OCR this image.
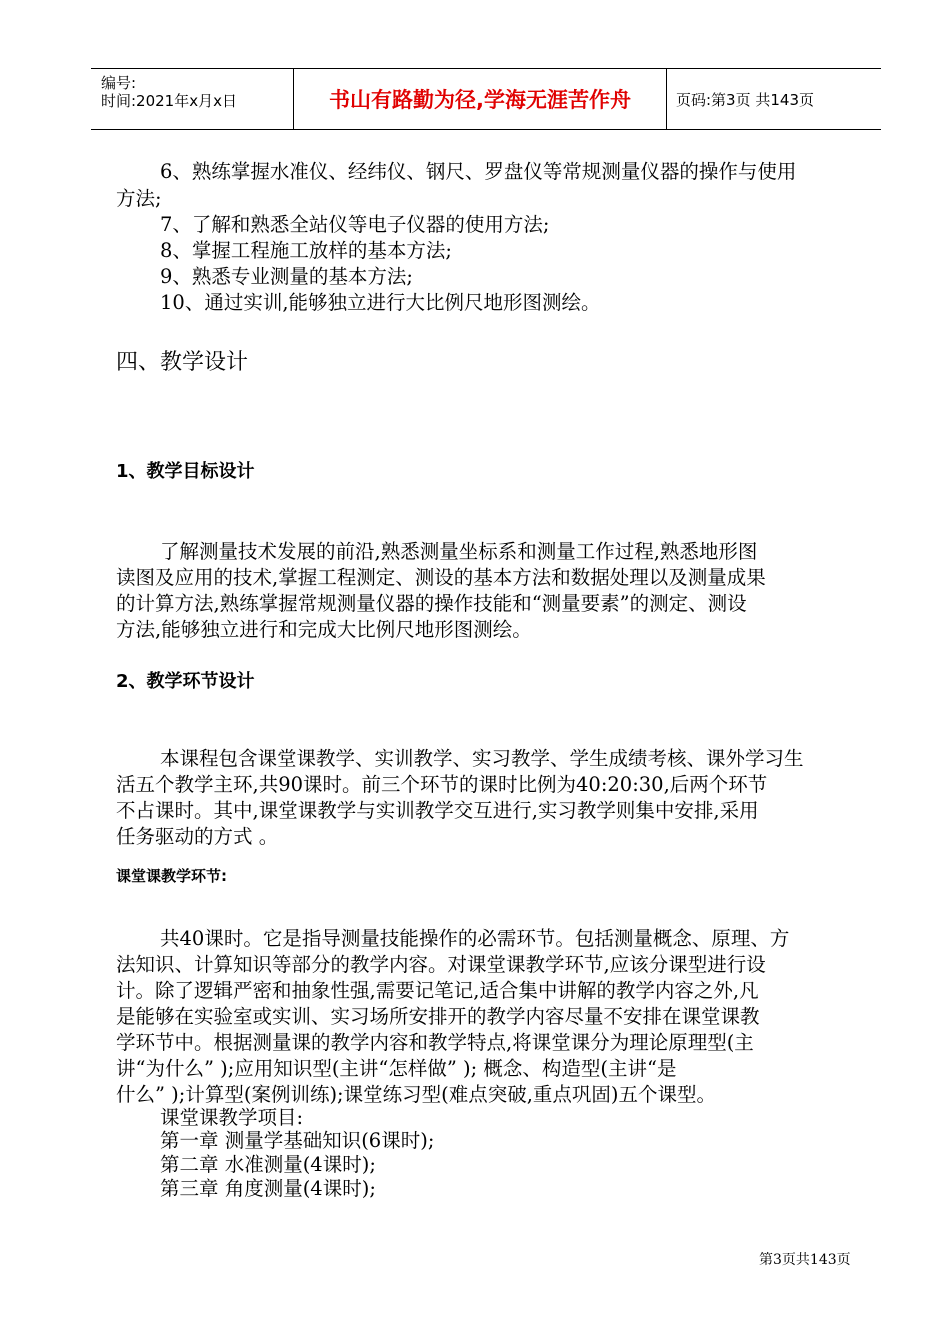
编号:
时间:2021年x月x日	书山有路勤为径,学海无涯苦作舟	页码:第3页 共143页
6、熟练掌握水准仪、经纬仪、钢尺、罗盘仪等常规测量仪器的操作与使用
方法;
7、了解和熟悉全站仪等电子仪器的使用方法;
8、掌握工程施工放样的基本方法;
9、熟悉专业测量的基本方法;
10、通过实训,能够独立进行大比例尺地形图测绘。
四、教学设计
1、教学目标设计
了解测量技术发展的前沿,熟悉测量坐标系和测量工作过程,熟悉地形图
读图及应用的技术,掌握工程测定、测设的基本方法和数据处理以及测量成果
的计算方法,熟练掌握常规测量仪器的操作技能和“测量要素”的测定、测设
方法,能够独立进行和完成大比例尺地形图测绘。
2、教学环节设计
本课程包含课堂课教学、实训教学、实习教学、学生成绩考核、课外学习生
活五个教学主环,共90课时。前三个环节的课时比例为40:20:30,后两个环节
不占课时。其中,课堂课教学与实训教学交互进行,实习教学则集中安排,采用
任务驱动的方式 。
课堂课教学环节:
共40课时。它是指导测量技能操作的必需环节。包括测量概念、原理、方
法知识、计算知识等部分的教学内容。对课堂课教学环节,应该分课型进行设
计。除了逻辑严密和抽象性强,需要记笔记,适合集中讲解的教学内容之外,凡
是能够在实验室或实训、实习场所安排开的教学内容尽量不安排在课堂课教
学环节中。根据测量课的教学内容和教学特点,将课堂课分为理论原理型(主
讲“为什么” );应用知识型(主讲“怎样做” ); 概念、构造型(主讲“是
什么” );计算型(案例训练);课堂练习型(难点突破,重点巩固)五个课型。
课堂课教学项目:
第一章 测量学基础知识(6课时);
第二章 水准测量(4课时);
第三章 角度测量(4课时);
第3页共143页
